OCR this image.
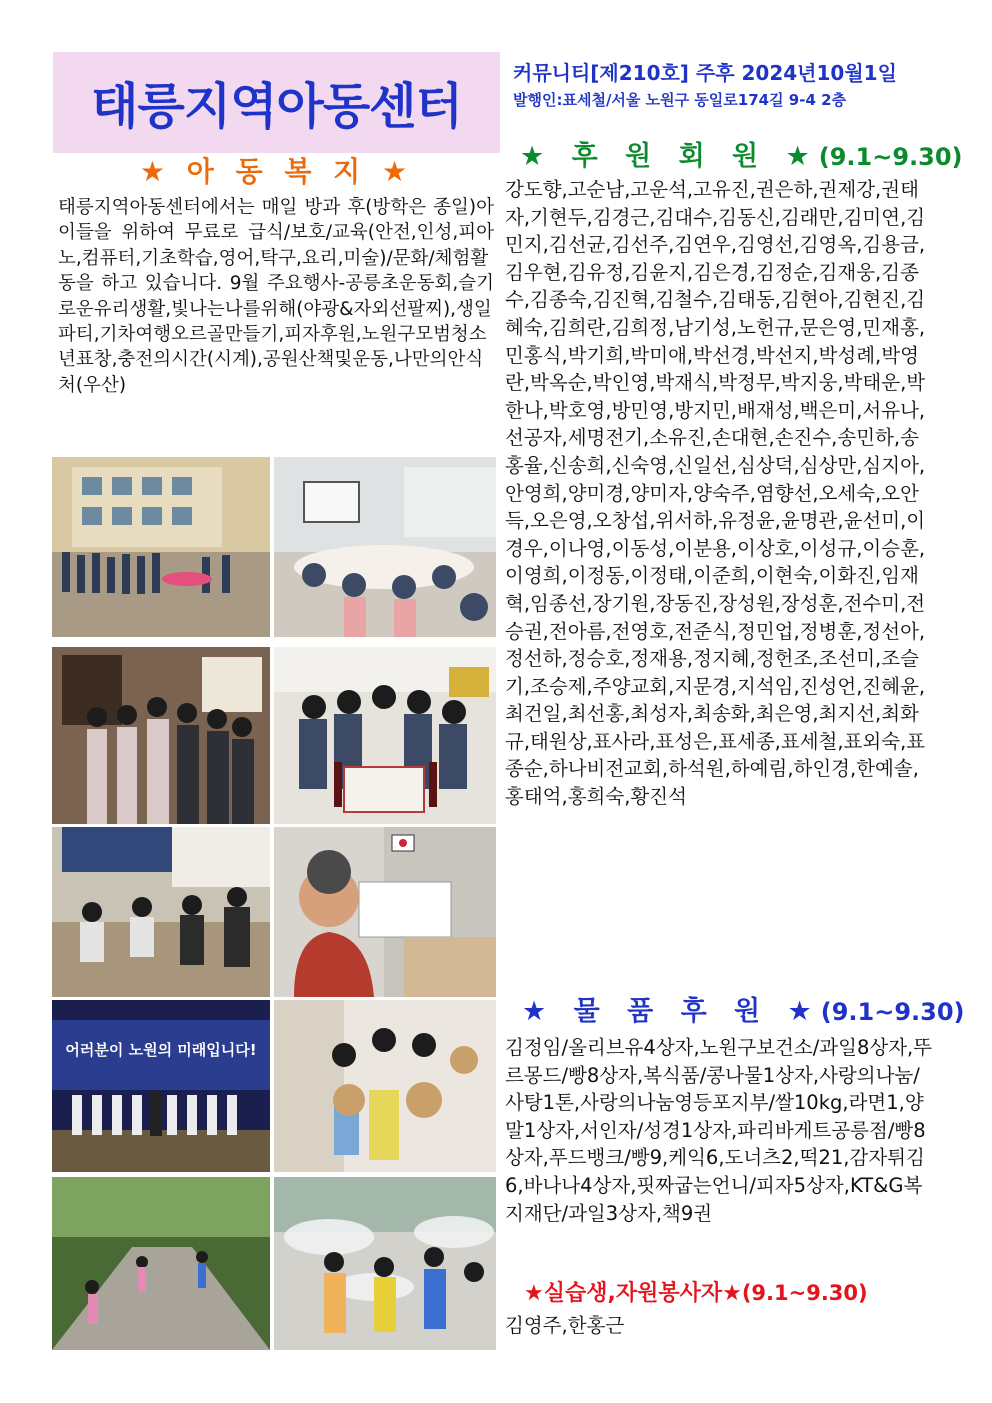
태릉지역아동센터
커뮤니티[제210호] 주후 2024년10월1일
발행인:표세철/서울 노원구 동일로174길 9-4 2층
★ 아 동 복 지 ★
태릉지역아동센터에서는 매일 방과 후(방학은 종일)아이들을 위하여 무료로 급식/보호/교육(안전,인성,피아노,컴퓨터,기초학습,영어,탁구,요리,미술)/문화/체험활동을 하고 있습니다. 9월 주요행사-공릉초운동회,슬기로운유리생활,빛나는나를위해(야광&자외선팔찌),생일파티,기차여행오르골만들기,피자후원,노원구모범청소년표창,충전의시간(시계),공원산책및운동,나만의안식처(우산)
어러분이 노원의 미래입니다!
★ 후 원 회 원 ★(9.1~9.30)
강도향,고순남,고운석,고유진,권은하,권제강,권태자,기현두,김경근,김대수,김동신,김래만,김미연,김민지,김선균,김선주,김연우,김영선,김영옥,김용금,김우현,김유정,김윤지,김은경,김정순,김재웅,김종수,김종숙,김진혁,김철수,김태동,김현아,김현진,김혜숙,김희란,김희정,남기성,노헌규,문은영,민재홍,민홍식,박기희,박미애,박선경,박선지,박성례,박영란,박옥순,박인영,박재식,박정무,박지웅,박태운,박한나,박호영,방민영,방지민,배재성,백은미,서유나,선공자,세명전기,소유진,손대현,손진수,송민하,송홍율,신송희,신숙영,신일선,심상덕,심상만,심지아,안영희,양미경,양미자,양숙주,염향선,오세숙,오안득,오은영,오창섭,위서하,유정윤,윤명관,윤선미,이경우,이나영,이동성,이분용,이상호,이성규,이승훈,이영희,이정동,이정태,이준희,이현숙,이화진,임재혁,임종선,장기원,장동진,장성원,장성훈,전수미,전승권,전아름,전영호,전준식,정민업,정병훈,정선아,정선하,정승호,정재용,정지혜,정헌조,조선미,조슬기,조승제,주양교회,지문경,지석임,진성언,진혜윤,최건일,최선홍,최성자,최송화,최은영,최지선,최화규,태원상,표사라,표성은,표세종,표세철,표외숙,표종순,하나비전교회,하석원,하예림,하인경,한예솔,홍태억,홍희숙,황진석
★ 물 품 후 원 ★(9.1~9.30)
김정임/올리브유4상자,노원구보건소/과일8상자,뚜르몽드/빵8상자,복식품/콩나물1상자,사랑의나눔/사탕1톤,사랑의나눔영등포지부/쌀10kg,라면1,양말1상자,서인자/성경1상자,파리바게트공릉점/빵8상자,푸드뱅크/빵9,케익6,도너츠2,떡21,감자튀김6,바나나4상자,핏짜굽는언니/피자5상자,KT&G복지재단/과일3상자,책9권
★실습생,자원봉사자★(9.1~9.30)
김영주,한홍근
